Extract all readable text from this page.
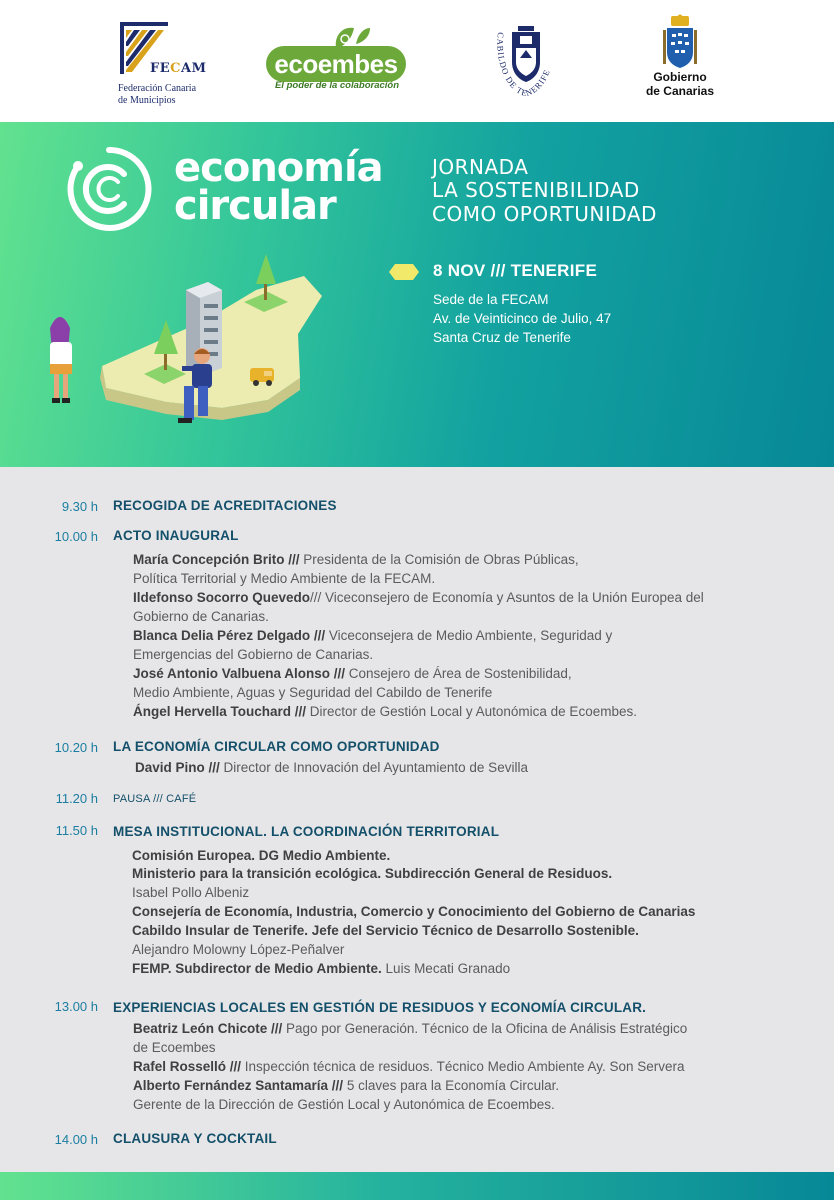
FECAM
Federación Canaria
de Municipios
ecoembes
El poder de la colaboración
CABILDO DE TENERIFE	Gobierno
de Canarias
economía
circular
JORNADA
LA SOSTENIBILIDAD
COMO OPORTUNIDAD
8 NOV /// TENERIFE
Sede de la FECAM
Av. de Veinticinco de Julio, 47
Santa Cruz de Tenerife
9.30 h RECOGIDA DE ACREDITACIONES
10.00 h ACTO INAUGURAL
María Concepción Brito /// Presidenta de la Comisión de Obras Públicas,
Política Territorial y Medio Ambiente de la FECAM.
Ildefonso Socorro Quevedo/// Viceconsejero de Economía y Asuntos de la Unión Europea del
Gobierno de Canarias.
Blanca Delia Pérez Delgado /// Viceconsejera de Medio Ambiente, Seguridad y
Emergencias del Gobierno de Canarias.
José Antonio Valbuena Alonso /// Consejero de Área de Sostenibilidad,
Medio Ambiente, Aguas y Seguridad del Cabildo de Tenerife
Ángel Hervella Touchard /// Director de Gestión Local y Autonómica de Ecoembes.
10.20 h LA ECONOMÍA CIRCULAR COMO OPORTUNIDAD
David Pino /// Director de Innovación del Ayuntamiento de Sevilla
11.20 h PAUSA /// CAFÉ
11.50 h MESA INSTITUCIONAL. LA COORDINACIÓN TERRITORIAL
Comisión Europea. DG Medio Ambiente.
Ministerio para la transición ecológica. Subdirección General de Residuos.
Isabel Pollo Albeniz
Consejería de Economía, Industria, Comercio y Conocimiento del Gobierno de Canarias
Cabildo Insular de Tenerife. Jefe del Servicio Técnico de Desarrollo Sostenible.
Alejandro Molowny López-Peñalver
FEMP. Subdirector de Medio Ambiente. Luis Mecati Granado
13.00 h EXPERIENCIAS LOCALES EN GESTIÓN DE RESIDUOS Y ECONOMÍA CIRCULAR.
Beatriz León Chicote /// Pago por Generación. Técnico de la Oficina de Análisis Estratégico
de Ecoembes
Rafel Rosselló /// Inspección técnica de residuos. Técnico Medio Ambiente Ay. Son Servera
Alberto Fernández Santamaría /// 5 claves para la Economía Circular.
Gerente de la Dirección de Gestión Local y Autonómica de Ecoembes.
14.00 h CLAUSURA Y COCKTAIL
